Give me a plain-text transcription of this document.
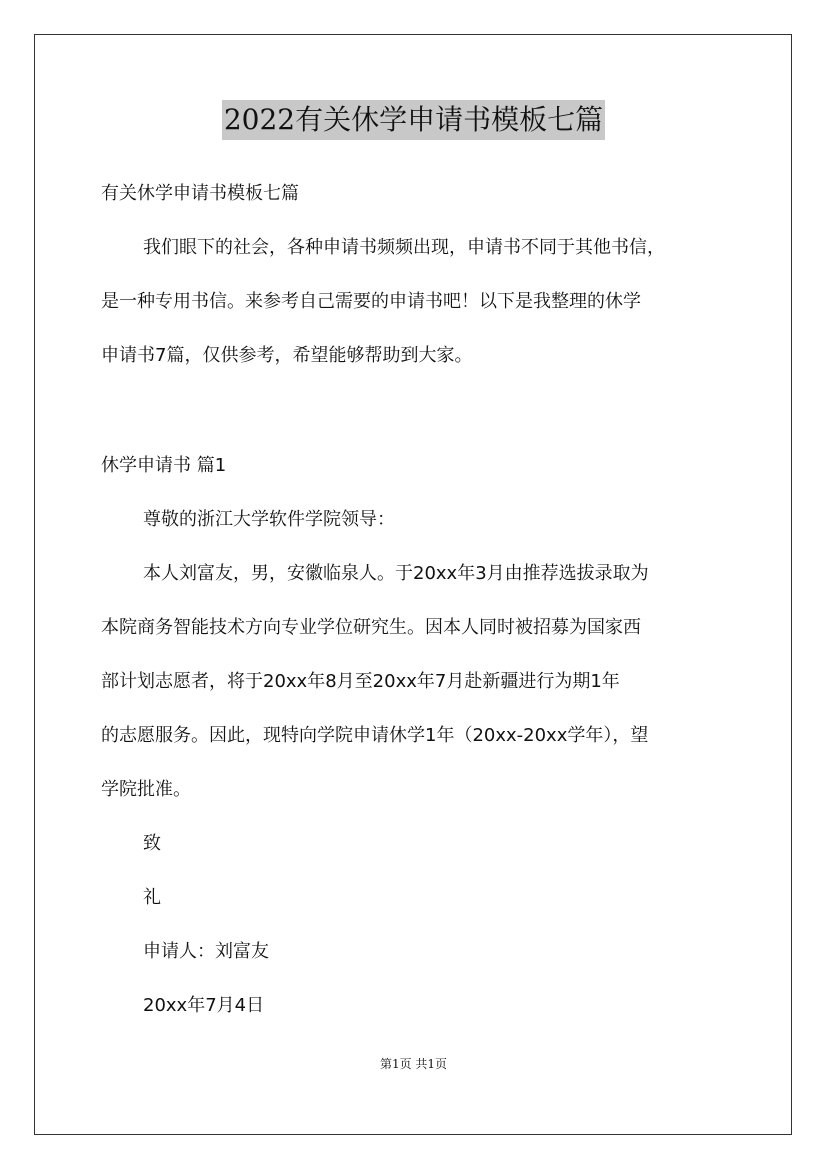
2022有关休学申请书模板七篇
有关休学申请书模板七篇
我们眼下的社会，各种申请书频频出现，申请书不同于其他书信，
是一种专用书信。来参考自己需要的申请书吧！以下是我整理的休学
申请书7篇，仅供参考，希望能够帮助到大家。
休学申请书 篇1
尊敬的浙江大学软件学院领导：
本人刘富友，男，安徽临泉人。于20xx年3月由推荐选拔录取为
本院商务智能技术方向专业学位研究生。因本人同时被招募为国家西
部计划志愿者，将于20xx年8月至20xx年7月赴新疆进行为期1年
的志愿服务。因此，现特向学院申请休学1年（20xx-20xx学年），望
学院批准。
致
礼
申请人：刘富友
20xx年7月4日
第1页 共1页
